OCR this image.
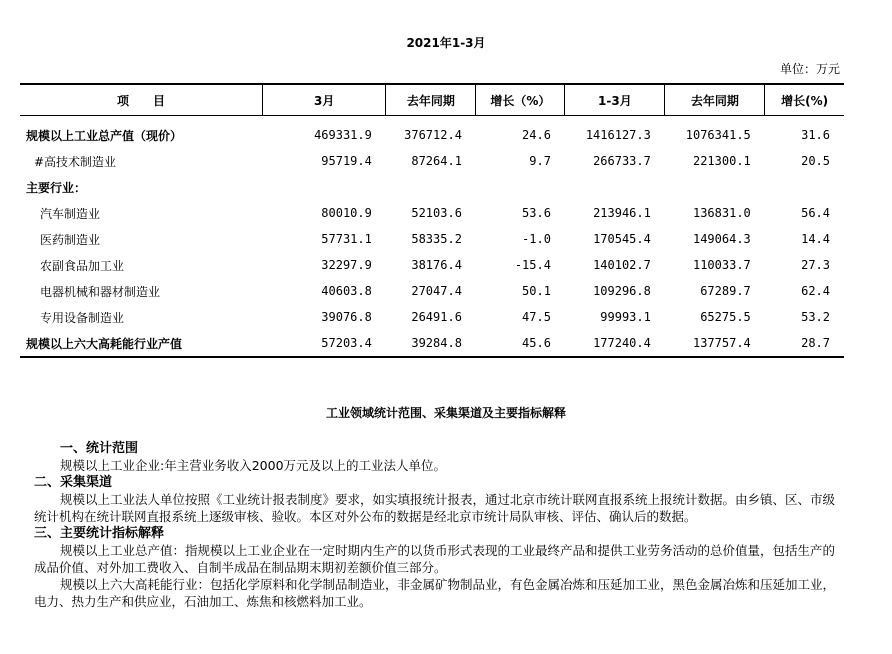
2021年1-3月
单位：万元
项　　目	3月	去年同期	增长（%）	1-3月	去年同期	增长(%)
规模以上工业总产值（现价）	469331.9	376712.4	24.6	1416127.3	1076341.5	31.6
#高技术制造业	95719.4	87264.1	9.7	266733.7	221300.1	20.5
主要行业：						
汽车制造业	80010.9	52103.6	53.6	213946.1	136831.0	56.4
医药制造业	57731.1	58335.2	-1.0	170545.4	149064.3	14.4
农副食品加工业	32297.9	38176.4	-15.4	140102.7	110033.7	27.3
电器机械和器材制造业	40603.8	27047.4	50.1	109296.8	67289.7	62.4
专用设备制造业	39076.8	26491.6	47.5	99993.1	65275.5	53.2
规模以上六大高耗能行业产值	57203.4	39284.8	45.6	177240.4	137757.4	28.7
工业领域统计范围、采集渠道及主要指标解释
一、统计范围

规模以上工业企业:年主营业务收入2000万元及以上的工业法人单位。

二、采集渠道

规模以上工业法人单位按照《工业统计报表制度》要求，如实填报统计报表，通过北京市统计联网直报系统上报统计数据。由乡镇、区、市级统计机构在统计联网直报系统上逐级审核、验收。本区对外公布的数据是经北京市统计局队审核、评估、确认后的数据。

三、主要统计指标解释

规模以上工业总产值：指规模以上工业企业在一定时期内生产的以货币形式表现的工业最终产品和提供工业劳务活动的总价值量，包括生产的成品价值、对外加工费收入、自制半成品在制品期末期初差额价值三部分。

规模以上六大高耗能行业：包括化学原料和化学制品制造业，非金属矿物制品业，有色金属冶炼和压延加工业，黑色金属冶炼和压延加工业，电力、热力生产和供应业，石油加工、炼焦和核燃料加工业。
